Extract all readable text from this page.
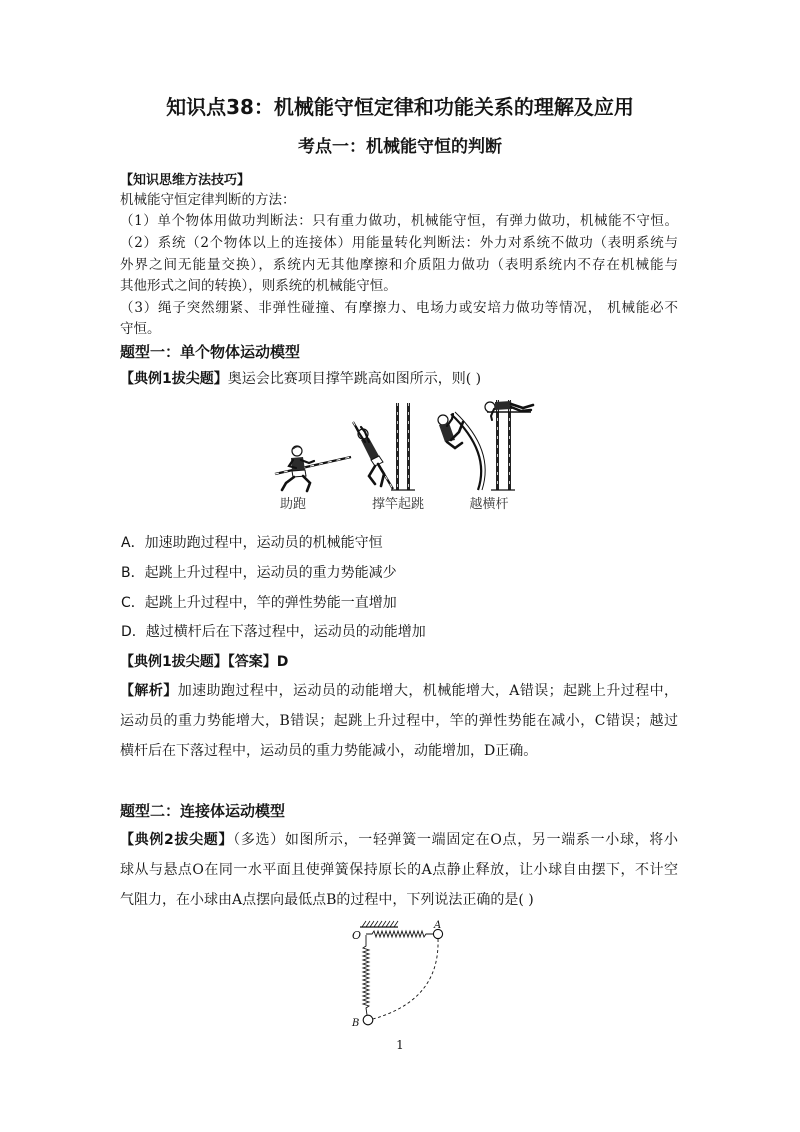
知识点38：机械能守恒定律和功能关系的理解及应用
考点一：机械能守恒的判断
【知识思维方法技巧】
机械能守恒定律判断的方法：
（1）单个物体用做功判断法：只有重力做功，机械能守恒，有弹力做功，机械能不守恒。
（2）系统（2个物体以上的连接体）用能量转化判断法：外力对系统不做功（表明系统与
外界之间无能量交换），系统内无其他摩擦和介质阻力做功（表明系统内不存在机械能与
其他形式之间的转换），则系统的机械能守恒。
（3）绳子突然绷紧、非弹性碰撞、有摩擦力、电场力或安培力做功等情况， 机械能必不
守恒。
题型一：单个物体运动模型
【典例1拔尖题】奥运会比赛项目撑竿跳高如图所示，则( )
助跑	撑竿起跳	越横杆
A．加速助跑过程中，运动员的机械能守恒
B．起跳上升过程中，运动员的重力势能减少
C．起跳上升过程中，竿的弹性势能一直增加
D．越过横杆后在下落过程中，运动员的动能增加
【典例1拔尖题】【答案】D
【解析】加速助跑过程中，运动员的动能增大，机械能增大，A错误；起跳上升过程中，
运动员的重力势能增大，B错误；起跳上升过程中，竿的弹性势能在减小，C错误；越过
横杆后在下落过程中，运动员的重力势能减小，动能增加，D正确。
题型二：连接体运动模型
【典例2拔尖题】（多选）如图所示，一轻弹簧一端固定在O点，另一端系一小球，将小
球从与悬点O在同一水平面且使弹簧保持原长的A点静止释放，让小球自由摆下，不计空
气阻力，在小球由A点摆向最低点B的过程中，下列说法正确的是( )
O
A
B
1
